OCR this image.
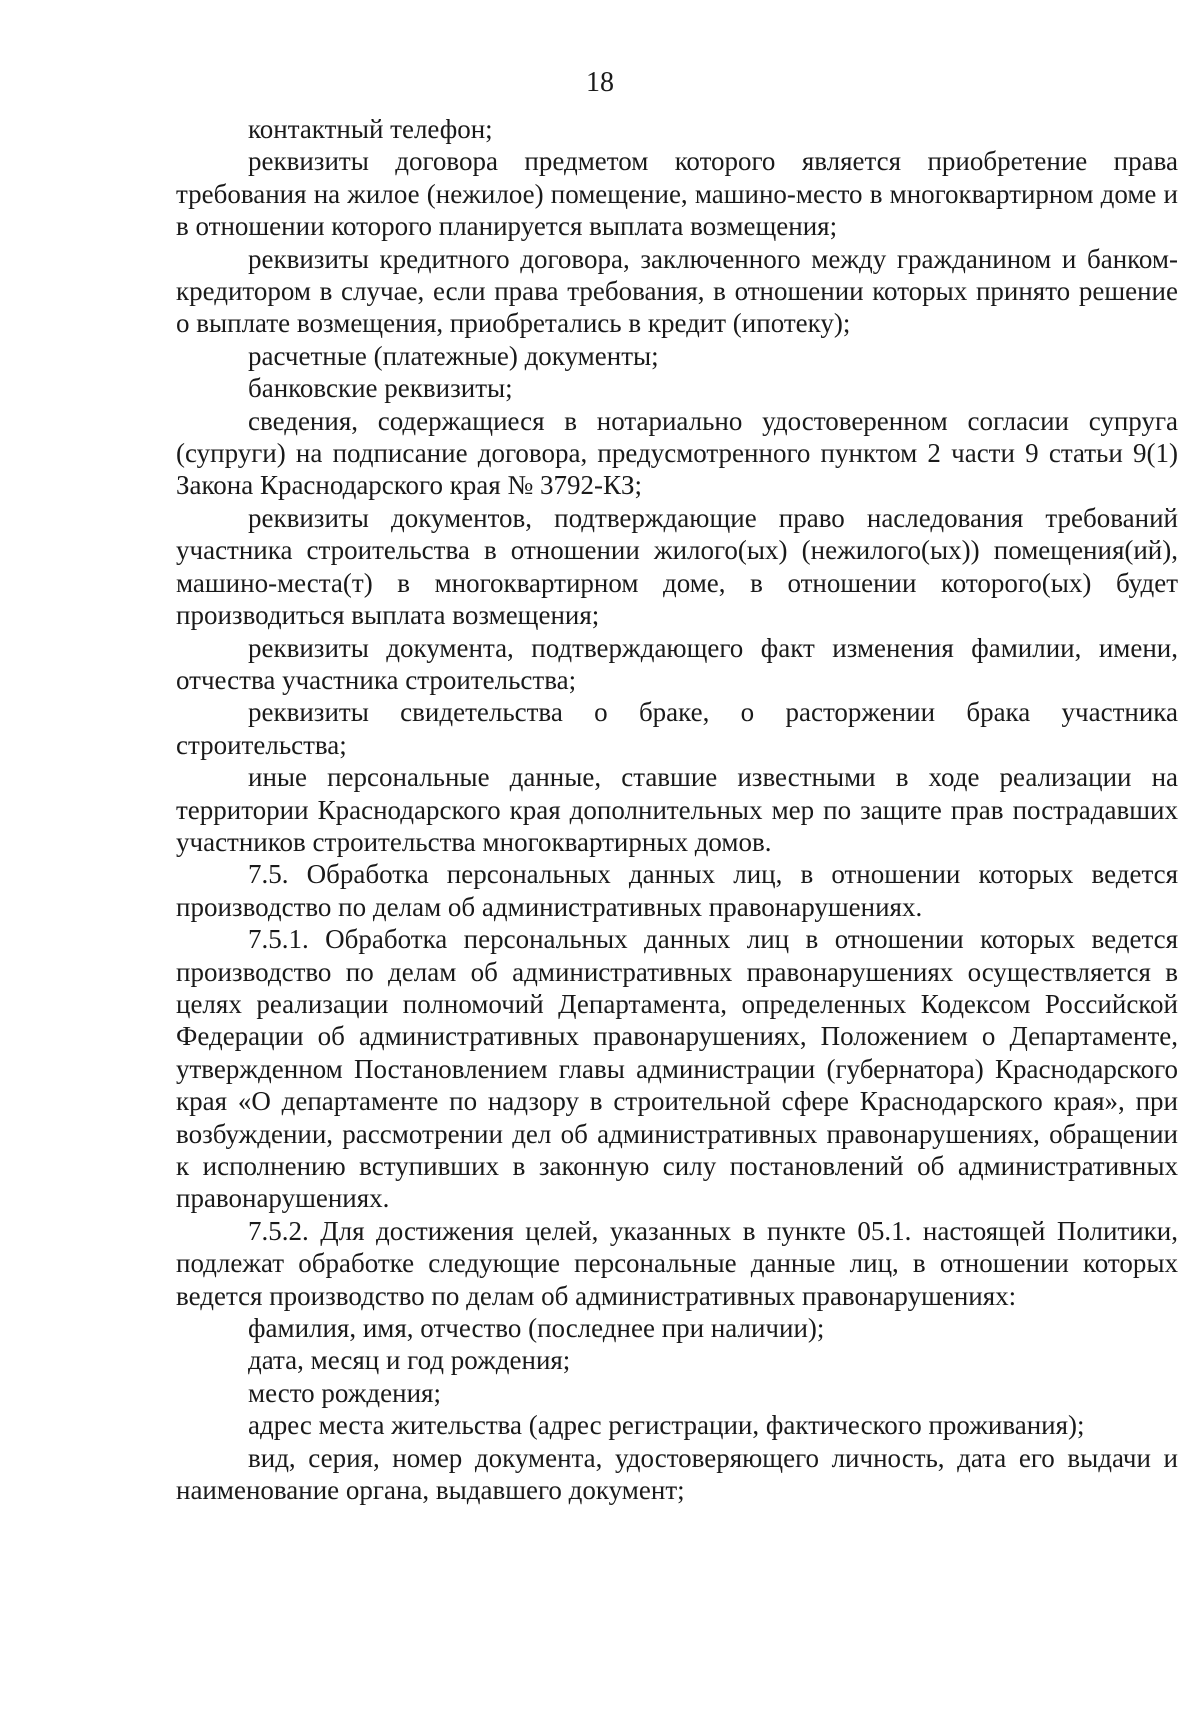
18

контактный телефон;

реквизиты договора предметом которого является приобретение права требования на жилое (нежилое) помещение, машино-место в многоквартирном доме и в отношении которого планируется выплата возмещения;

реквизиты кредитного договора, заключенного между гражданином и банком-кредитором в случае, если права требования, в отношении которых принято решение о выплате возмещения, приобретались в кредит (ипотеку);

расчетные (платежные) документы;

банковские реквизиты;

сведения, содержащиеся в нотариально удостоверенном согласии супруга (супруги) на подписание договора, предусмотренного пунктом 2 части 9 статьи 9(1) Закона Краснодарского края № 3792-КЗ;

реквизиты документов, подтверждающие право наследования требований участника строительства в отношении жилого(ых) (нежилого(ых)) помещения(ий), машино-места(т) в многоквартирном доме, в отношении которого(ых) будет производиться выплата возмещения;

реквизиты документа, подтверждающего факт изменения фамилии, имени, отчества участника строительства;

реквизиты свидетельства о браке, о расторжении брака участника строительства;

иные персональные данные, ставшие известными в ходе реализации на территории Краснодарского края дополнительных мер по защите прав пострадавших участников строительства многоквартирных домов.

7.5. Обработка персональных данных лиц, в отношении которых ведется производство по делам об административных правонарушениях.

7.5.1. Обработка персональных данных лиц в отношении которых ведется производство по делам об административных правонарушениях осуществляется в целях реализации полномочий Департамента, определенных Кодексом Российской Федерации об административных правонарушениях, Положением о Департаменте, утвержденном Постановлением главы администрации (губернатора) Краснодарского края «О департаменте по надзору в строительной сфере Краснодарского края», при возбуждении, рассмотрении дел об административных правонарушениях, обращении к исполнению вступивших в законную силу постановлений об административных правонарушениях.

7.5.2. Для достижения целей, указанных в пункте 05.1. настоящей Политики, подлежат обработке следующие персональные данные лиц, в отношении которых ведется производство по делам об административных правонарушениях:

фамилия, имя, отчество (последнее при наличии);

дата, месяц и год рождения;

место рождения;

адрес места жительства (адрес регистрации, фактического проживания);

вид, серия, номер документа, удостоверяющего личность, дата его выдачи и наименование органа, выдавшего документ;
